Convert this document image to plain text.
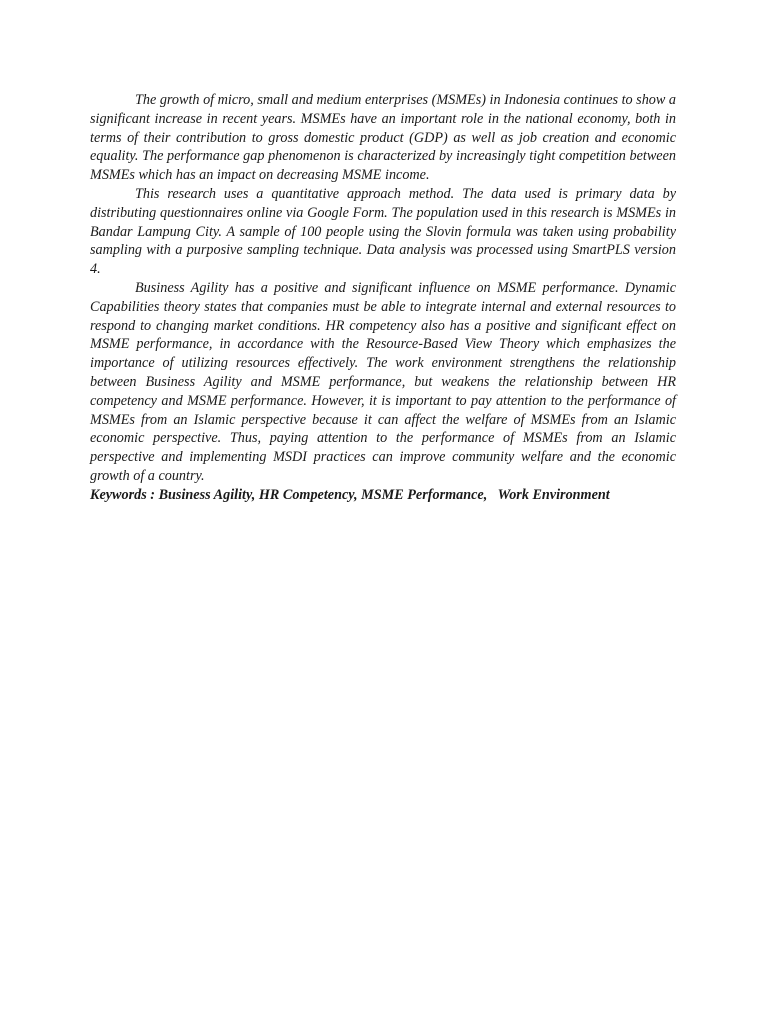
The growth of micro, small and medium enterprises (MSMEs) in Indonesia continues to show a significant increase in recent years. MSMEs have an important role in the national economy, both in terms of their contribution to gross domestic product (GDP) as well as job creation and economic equality. The performance gap phenomenon is characterized by increasingly tight competition between MSMEs which has an impact on decreasing MSME income.

This research uses a quantitative approach method. The data used is primary data by distributing questionnaires online via Google Form. The population used in this research is MSMEs in Bandar Lampung City. A sample of 100 people using the Slovin formula was taken using probability sampling with a purposive sampling technique. Data analysis was processed using SmartPLS version 4.

Business Agility has a positive and significant influence on MSME performance. Dynamic Capabilities theory states that companies must be able to integrate internal and external resources to respond to changing market conditions. HR competency also has a positive and significant effect on MSME performance, in accordance with the Resource-Based View Theory which emphasizes the importance of utilizing resources effectively. The work environment strengthens the relationship between Business Agility and MSME performance, but weakens the relationship between HR competency and MSME performance. However, it is important to pay attention to the performance of MSMEs from an Islamic perspective because it can affect the welfare of MSMEs from an Islamic economic perspective. Thus, paying attention to the performance of MSMEs from an Islamic perspective and implementing MSDI practices can improve community welfare and the economic growth of a country.

Keywords : Business Agility, HR Competency, MSME Performance,   Work Environment
